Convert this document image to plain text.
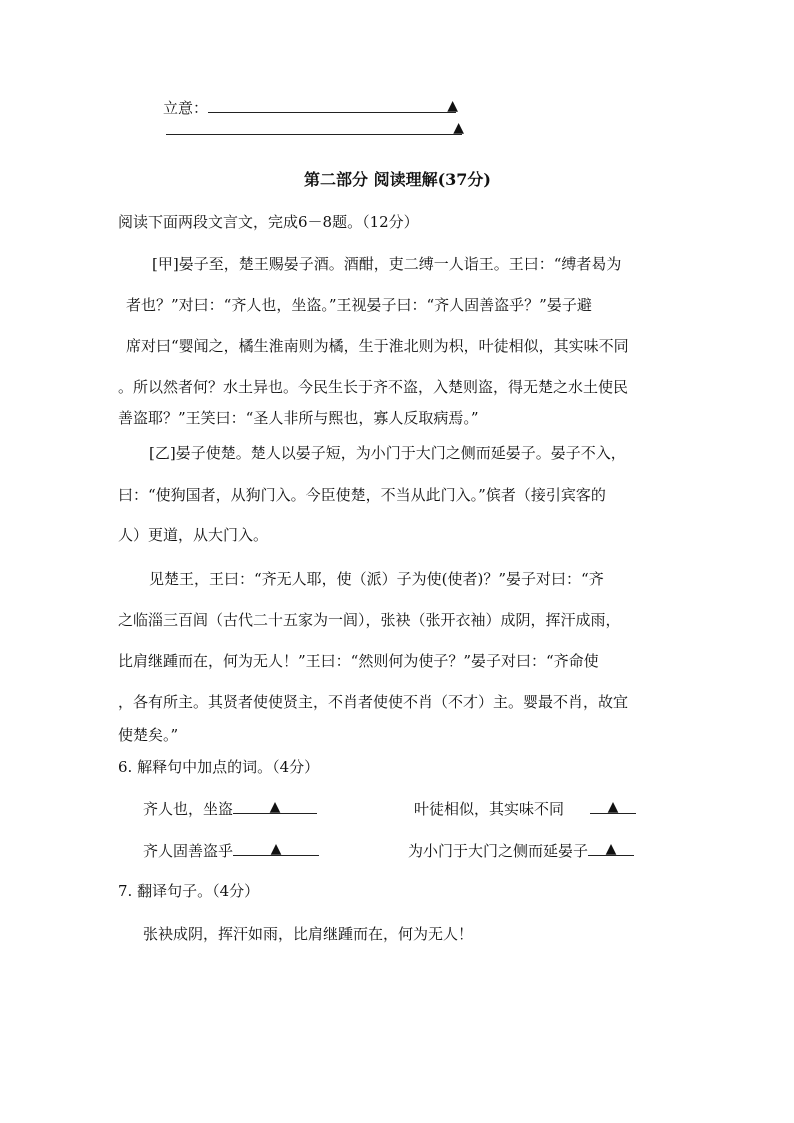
立意：	▲
▲
第二部分 阅读理解(37分)
阅读下面两段文言文，完成6－8题。（12分）
[甲]晏子至，楚王赐晏子酒。酒酣，吏二缚一人诣王。王曰：“缚者曷为
者也？”对曰：“齐人也，坐盗。”王视晏子曰：“齐人固善盗乎？”晏子避
席对曰“婴闻之，橘生淮南则为橘，生于淮北则为枳，叶徒相似，其实味不同
。所以然者何？水土异也。今民生长于齐不盗，入楚则盗，得无楚之水土使民
善盗耶？”王笑曰：“圣人非所与熙也，寡人反取病焉。”
[乙]晏子使楚。楚人以晏子短，为小门于大门之侧而延晏子。晏子不入，
曰：“使狗国者，从狗门入。今臣使楚，不当从此门入。”傧者（接引宾客的
人）更道，从大门入。
见楚王，王曰：“齐无人耶，使（派）子为使(使者)？”晏子对曰：“齐
之临淄三百闾（古代二十五家为一闾），张袂（张开衣袖）成阴，挥汗成雨，
比肩继踵而在，何为无人！”王曰：“然则何为使子？”晏子对曰：“齐命使
，各有所主。其贤者使使贤主，不肖者使使不肖（不才）主。婴最不肖，故宜
使楚矣。”
6. 解释句中加点的词。（4分）
齐人也，坐盗	▲	叶徒相似，其实味不同	▲
齐人固善盗乎	▲	为小门于大门之侧而延晏子 ▲
7. 翻译句子。（4分）
张袂成阴，挥汗如雨，比肩继踵而在，何为无人！
